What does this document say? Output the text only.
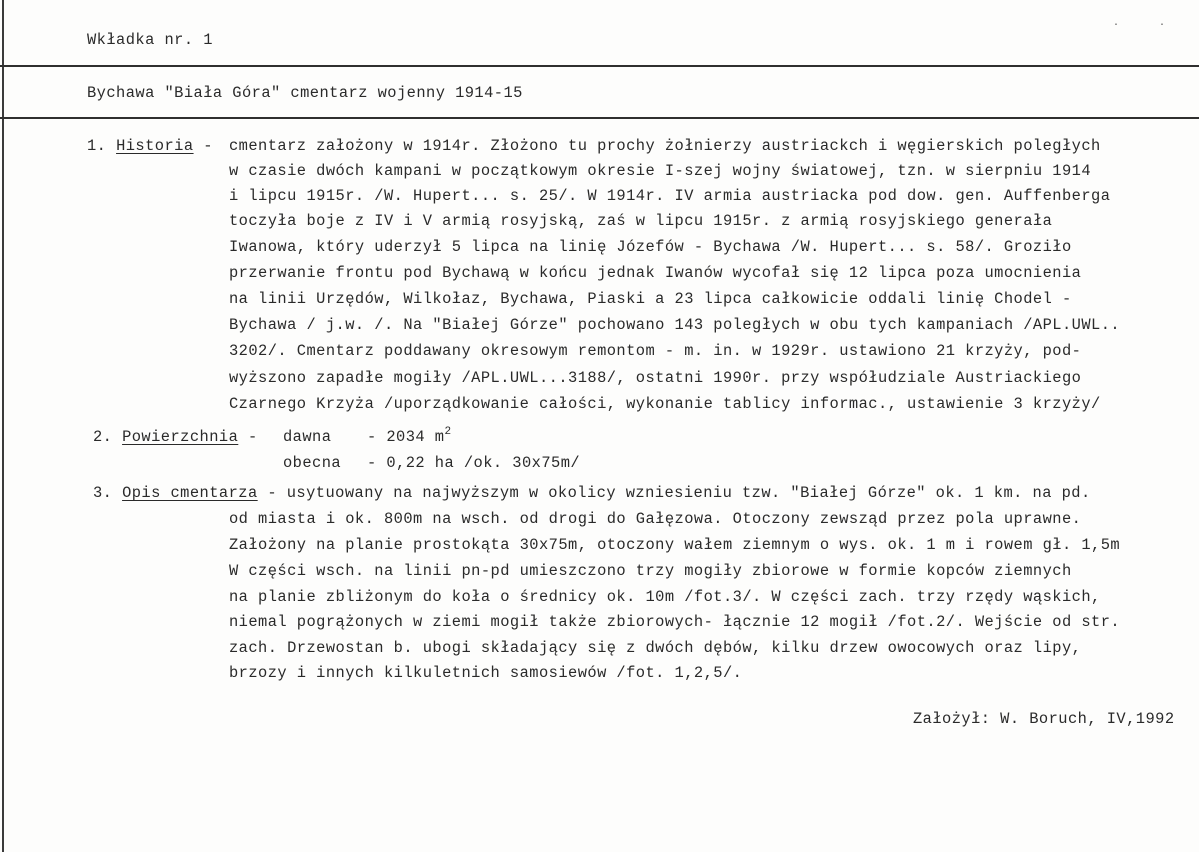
·	·
Wkładka nr. 1
Bychawa "Biała Góra" cmentarz wojenny 1914-15
1. Historia - cmentarz założony w 1914r. Złożono tu prochy żołnierzy austriackch i węgierskich poległych
w czasie dwóch kampani w początkowym okresie I-szej wojny światowej, tzn. w sierpniu 1914
i lipcu 1915r. /W. Hupert... s. 25/. W 1914r. IV armia austriacka pod dow. gen. Auffenberga
toczyła boje z IV i V armią rosyjską, zaś w lipcu 1915r. z armią rosyjskiego generała
Iwanowa, który uderzył 5 lipca na linię Józefów - Bychawa /W. Hupert... s. 58/. Groziło
przerwanie frontu pod Bychawą w końcu jednak Iwanów wycofał się 12 lipca poza umocnienia
na linii Urzędów, Wilkołaz, Bychawa, Piaski a 23 lipca całkowicie oddali linię Chodel -
Bychawa / j.w. /. Na "Białej Górze" pochowano 143 poległych w obu tych kampaniach /APL.UWL..
3202/. Cmentarz poddawany okresowym remontom - m. in. w 1929r. ustawiono 21 krzyży, pod-
wyższono zapadłe mogiły /APL.UWL...3188/, ostatni 1990r. przy współudziale Austriackiego
Czarnego Krzyża /uporządkowanie całości, wykonanie tablicy informac., ustawienie 3 krzyży/
2. Powierzchnia - dawna - 2034 $m^2$
obecna - 0,22 ha /ok. 30x75m/
3. Opis cmentarza - usytuowany na najwyższym w okolicy wzniesieniu tzw. "Białej Górze" ok. 1 km. na pd.
od miasta i ok. 800m na wsch. od drogi do Gałęzowa. Otoczony zewsząd przez pola uprawne.
Założony na planie prostokąta 30x75m, otoczony wałem ziemnym o wys. ok. 1 m i rowem gł. 1,5m
W części wsch. na linii pn-pd umieszczono trzy mogiły zbiorowe w formie kopców ziemnych
na planie zbliżonym do koła o średnicy ok. 10m /fot.3/. W części zach. trzy rzędy wąskich,
niemal pogrążonych w ziemi mogił także zbiorowych- łącznie 12 mogił /fot.2/. Wejście od str.
zach. Drzewostan b. ubogi składający się z dwóch dębów, kilku drzew owocowych oraz lipy,
brzozy i innych kilkuletnich samosiewów /fot. 1,2,5/.
Założył: W. Boruch, IV,1992
